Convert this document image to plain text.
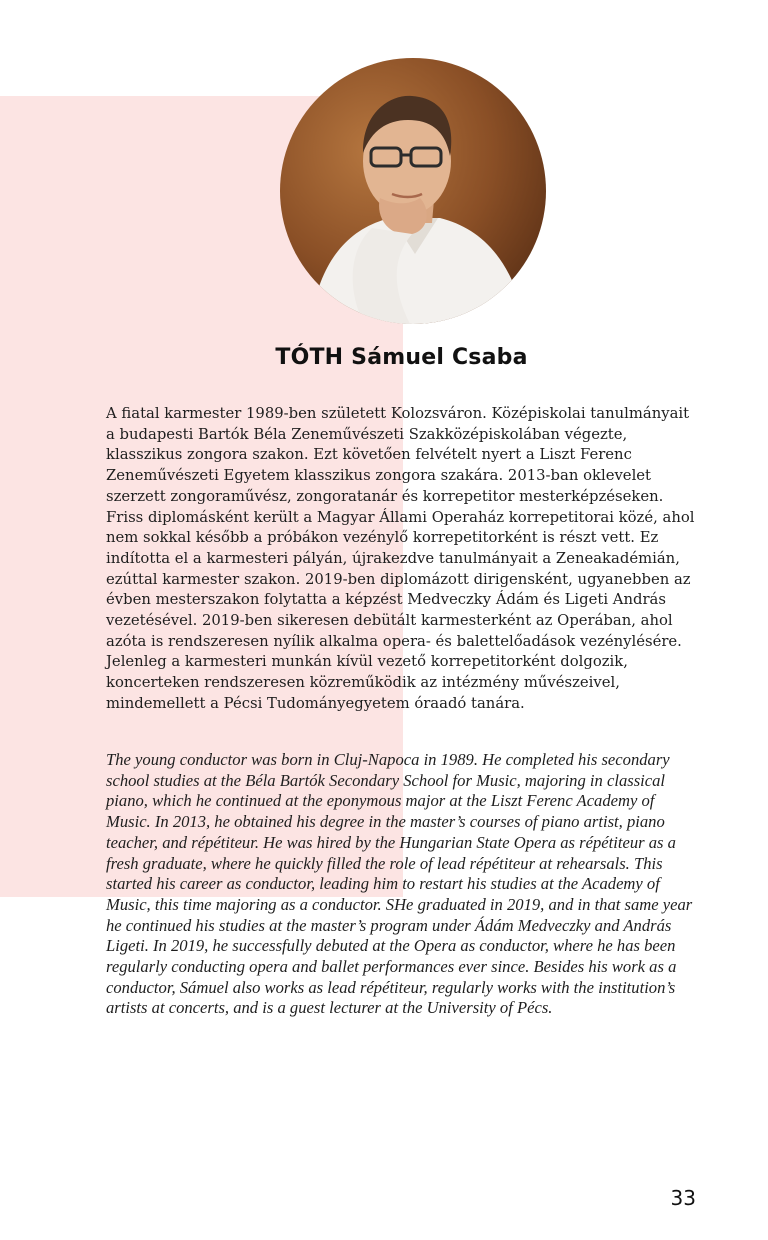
TÓTH Sámuel Csaba

A fiatal karmester 1989-ben született Kolozsváron. Középiskolai tanulmányait a budapesti Bartók Béla Zeneművészeti Szakközépiskolában végezte, klasszikus zongora szakon. Ezt követően felvételt nyert a Liszt Ferenc Zeneművészeti Egyetem klasszikus zongora szakára. 2013-ban oklevelet szerzett zongoraművész, zongoratanár és korrepetitor mesterképzéseken. Friss diplomásként került a Magyar Állami Operaház korrepetitorai közé, ahol nem sokkal később a próbákon vezénylő korrepetitorként is részt vett. Ez indította el a karmesteri pályán, újrakezdve tanulmányait a Zeneakadémián, ezúttal karmester szakon. 2019-ben diplomázott dirigensként, ugyanebben az évben mesterszakon folytatta a képzést Medveczky Ádám és Ligeti András vezetésével. 2019-ben sikeresen debütált karmesterként az Operában, ahol azóta is rendszeresen nyílik alkalma opera- és balettelőadások vezénylésére. Jelenleg a karmesteri munkán kívül vezető korrepetitorként dolgozik, koncerteken rendszeresen közreműködik az intézmény művészeivel, mindemellett a Pécsi Tudományegyetem óraadó tanára.

The young conductor was born in Cluj-Napoca in 1989. He completed his secondary school studies at the Béla Bartók Secondary School for Music, majoring in classical piano, which he continued at the eponymous major at the Liszt Ferenc Academy of Music. In 2013, he obtained his degree in the master’s courses of piano artist, piano teacher, and répétiteur. He was hired by the Hungarian State Opera as répétiteur as a fresh graduate, where he quickly filled the role of lead répétiteur at rehearsals. This started his career as conductor, leading him to restart his studies at the Academy of Music, this time majoring as a conductor. SHe graduated in 2019, and in that same year he continued his studies at the master’s program under Ádám Medveczky and András Ligeti. In 2019, he successfully debuted at the Opera as conductor, where he has been regularly conducting opera and ballet performances ever since. Besides his work as a conductor, Sámuel also works as lead répétiteur, regularly works with the institution’s artists at concerts, and is a guest lecturer at the University of Pécs.

33
